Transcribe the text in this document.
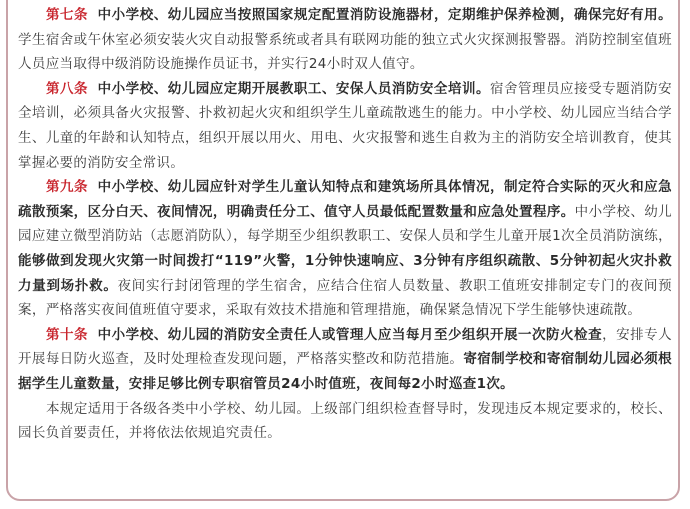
第七条 中小学校、幼儿园应当按照国家规定配置消防设施器材，定期维护保养检测，确保完好有用。学生宿舍或午休室必须安装火灾自动报警系统或者具有联网功能的独立式火灾探测报警器。消防控制室值班人员应当取得中级消防设施操作员证书，并实行24小时双人值守。

第八条 中小学校、幼儿园应定期开展教职工、安保人员消防安全培训。宿舍管理员应接受专题消防安全培训，必须具备火灾报警、扑救初起火灾和组织学生儿童疏散逃生的能力。中小学校、幼儿园应当结合学生、儿童的年龄和认知特点，组织开展以用火、用电、火灾报警和逃生自救为主的消防安全培训教育，使其掌握必要的消防安全常识。

第九条 中小学校、幼儿园应针对学生儿童认知特点和建筑场所具体情况，制定符合实际的灭火和应急疏散预案，区分白天、夜间情况，明确责任分工、值守人员最低配置数量和应急处置程序。中小学校、幼儿园应建立微型消防站（志愿消防队），每学期至少组织教职工、安保人员和学生儿童开展1次全员消防演练，能够做到发现火灾第一时间拨打“119”火警，1分钟快速响应、3分钟有序组织疏散、5分钟初起火灾扑救力量到场扑救。夜间实行封闭管理的学生宿舍，应结合住宿人员数量、教职工值班安排制定专门的夜间预案，严格落实夜间值班值守要求，采取有效技术措施和管理措施，确保紧急情况下学生能够快速疏散。

第十条 中小学校、幼儿园的消防安全责任人或管理人应当每月至少组织开展一次防火检查，安排专人开展每日防火巡查，及时处理检查发现问题，严格落实整改和防范措施。寄宿制学校和寄宿制幼儿园必须根据学生儿童数量，安排足够比例专职宿管员24小时值班，夜间每2小时巡查1次。

本规定适用于各级各类中小学校、幼儿园。上级部门组织检查督导时，发现违反本规定要求的，校长、园长负首要责任，并将依法依规追究责任。
